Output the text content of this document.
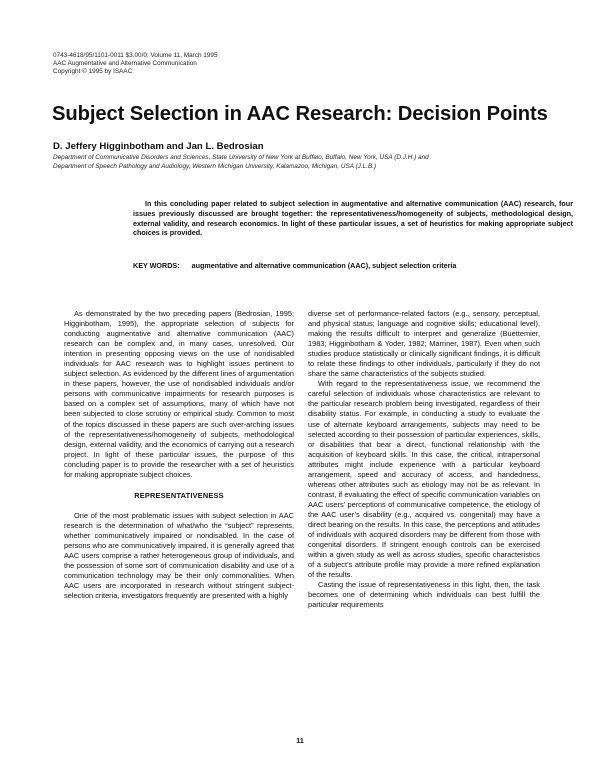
0743-4618/95/1101-0011 $3.00/0; Volume 11, March 1995
AAC Augmentative and Alternative Communication
Copyright © 1995 by ISAAC
Subject Selection in AAC Research: Decision Points
D. Jeffery Higginbotham and Jan L. Bedrosian
Department of Communicative Disorders and Sciences, State University of New York at Buffalo, Buffalo, New York, USA (D.J.H.) and
Department of Speech Pathology and Audiology, Western Michigan University, Kalamazoo, Michigan, USA (J.L.B.)
In this concluding paper related to subject selection in augmentative and alternative communication (AAC) research, four issues previously discussed are brought together: the representativeness/homogeneity of subjects, methodological design, external validity, and research economics. In light of these particular issues, a set of heuristics for making appropriate subject choices is provided.
KEY WORDS: augmentative and alternative communication (AAC), subject selection criteria

As demonstrated by the two preceding papers (Bedrosian, 1995; Higginbotham, 1995), the appropriate selection of subjects for conducting augmentative and alternative communication (AAC) research can be complex and, in many cases, unresolved. Our intention in presenting opposing views on the use of nondisabled individuals for AAC research was to highlight issues pertinent to subject selection. As evidenced by the different lines of argumentation in these papers, however, the use of nondisabled individuals and/or persons with communicative impairments for research purposes is based on a complex set of assumptions, many of which have not been subjected to close scrutiny or empirical study. Common to most of the topics discussed in these papers are such over-arching issues of the representativeness/homogeneity of subjects, methodological design, external validity, and the economics of carrying out a research project. In light of these particular issues, the purpose of this concluding paper is to provide the researcher with a set of heuristics for making appropriate subject choices.

REPRESENTATIVENESS

One of the most problematic issues with subject selection in AAC research is the determination of what/who the “subject” represents, whether communicatively impaired or nondisabled. In the case of persons who are communicatively impaired, it is generally agreed that AAC users comprise a rather heterogeneous group of individuals, and the possession of some sort of communication disability and use of a communication technology may be their only commonalities. When AAC users are incorporated in research without stringent subject-selection criteria, investigators frequently are presented with a highly

diverse set of performance-related factors (e.g., sensory, perceptual, and physical status; language and cognitive skills; educational level), making the results difficult to interpret and generalize (Buettemier, 1983; Higginbotham & Yoder, 1982; Marriner, 1987). Even when such studies produce statistically or clinically significant findings, it is difficult to relate these findings to other individuals, particularly if they do not share the same characteristics of the subjects studied.

With regard to the representativeness issue, we recommend the careful selection of individuals whose characteristics are relevant to the particular research problem being investigated, regardless of their disability status. For example, in conducting a study to evaluate the use of alternate keyboard arrangements, subjects may need to be selected according to their possession of particular experiences, skills, or disabilities that bear a direct, functional relationship with the acquisition of keyboard skills. In this case, the critical, intrapersonal attributes might include experience with a particular keyboard arrangement, speed and accuracy of access, and handedness, whereas other attributes such as etiology may not be as relevant. In contrast, if evaluating the effect of specific communication variables on AAC users’ perceptions of communicative competence, the etiology of the AAC user’s disability (e.g., acquired vs. congenital) may have a direct bearing on the results. In this case, the perceptions and attitudes of individuals with acquired disorders may be different from those with congenital disorders. If stringent enough controls can be exercised within a given study as well as across studies, specific characteristics of a subject’s attribute profile may provide a more refined explanation of the results.

Casting the issue of representativeness in this light, then, the task becomes one of determining which individuals can best fulfill the particular requirements

11
